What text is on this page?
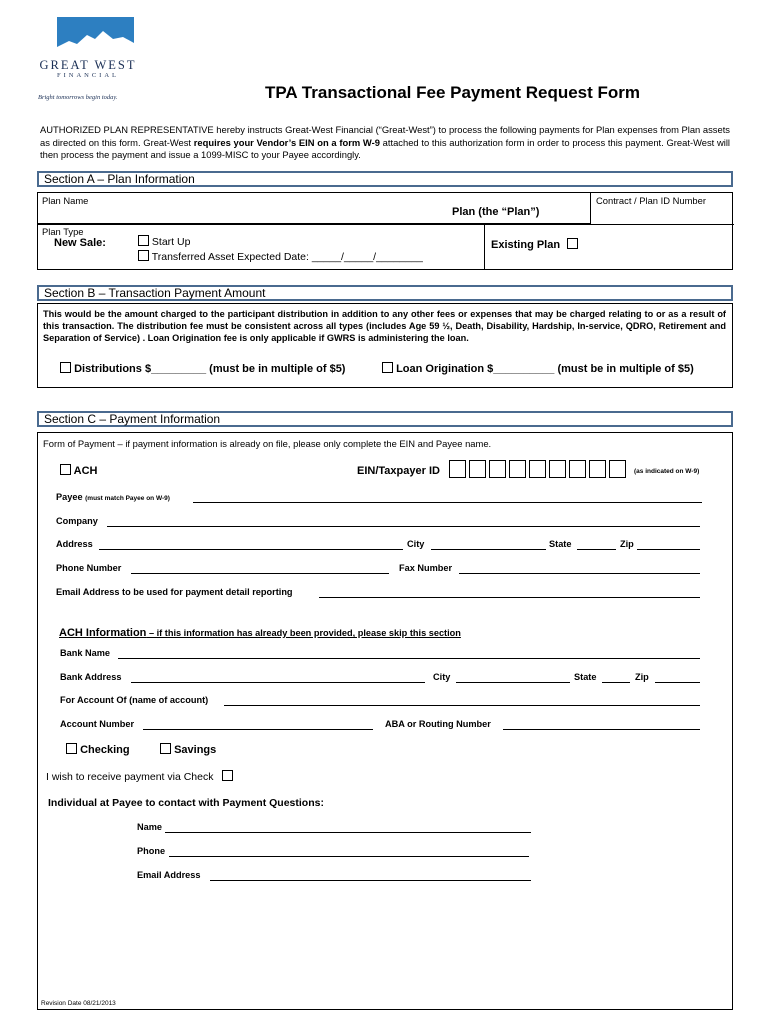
GREAT WEST
FINANCIAL
Bright tomorrows begin today.	TPA Transactional Fee Payment Request Form
AUTHORIZED PLAN REPRESENTATIVE hereby instructs Great-West Financial (“Great-West”) to process the following payments for Plan expenses from Plan assets as directed on this form. Great-West requires your Vendor’s EIN on a form W-9 attached to this authorization form in order to process this payment. Great-West will then process the payment and issue a 1099-MISC to your Payee accordingly.
Section A – Plan Information
Plan Name
Plan (the “Plan”)
Contract / Plan ID Number
Plan Type
New Sale:	Start Up
Transferred Asset Expected Date: _____/_____/________
Existing Plan
Section B – Transaction Payment Amount
This would be the amount charged to the participant distribution in addition to any other fees or expenses that may be charged relating to or as a result of this transaction. The distribution fee must be consistent across all types (includes Age 59 ½, Death, Disability, Hardship, In-service, QDRO, Retirement and Separation of Service) . Loan Origination fee is only applicable if GWRS is administering the loan.
Distributions $_________ (must be in multiple of $5)	Loan Origination $__________ (must be in multiple of $5)
Section C – Payment Information
Form of Payment – if payment information is already on file, please only complete the EIN and Payee name.
ACH	EIN/Taxpayer ID	(as indicated on W-9)
Payee (must match Payee on W-9)
Company
Address	City	State	Zip
Phone Number	Fax Number
Email Address to be used for payment detail reporting
ACH Information – if this information has already been provided, please skip this section
Bank Name
Bank Address	City	State	Zip
For Account Of (name of account)
Account Number	ABA or Routing Number
Checking	Savings
I wish to receive payment via Check
Individual at Payee to contact with Payment Questions:
Name
Phone
Email Address
Revision Date 08/21/2013
